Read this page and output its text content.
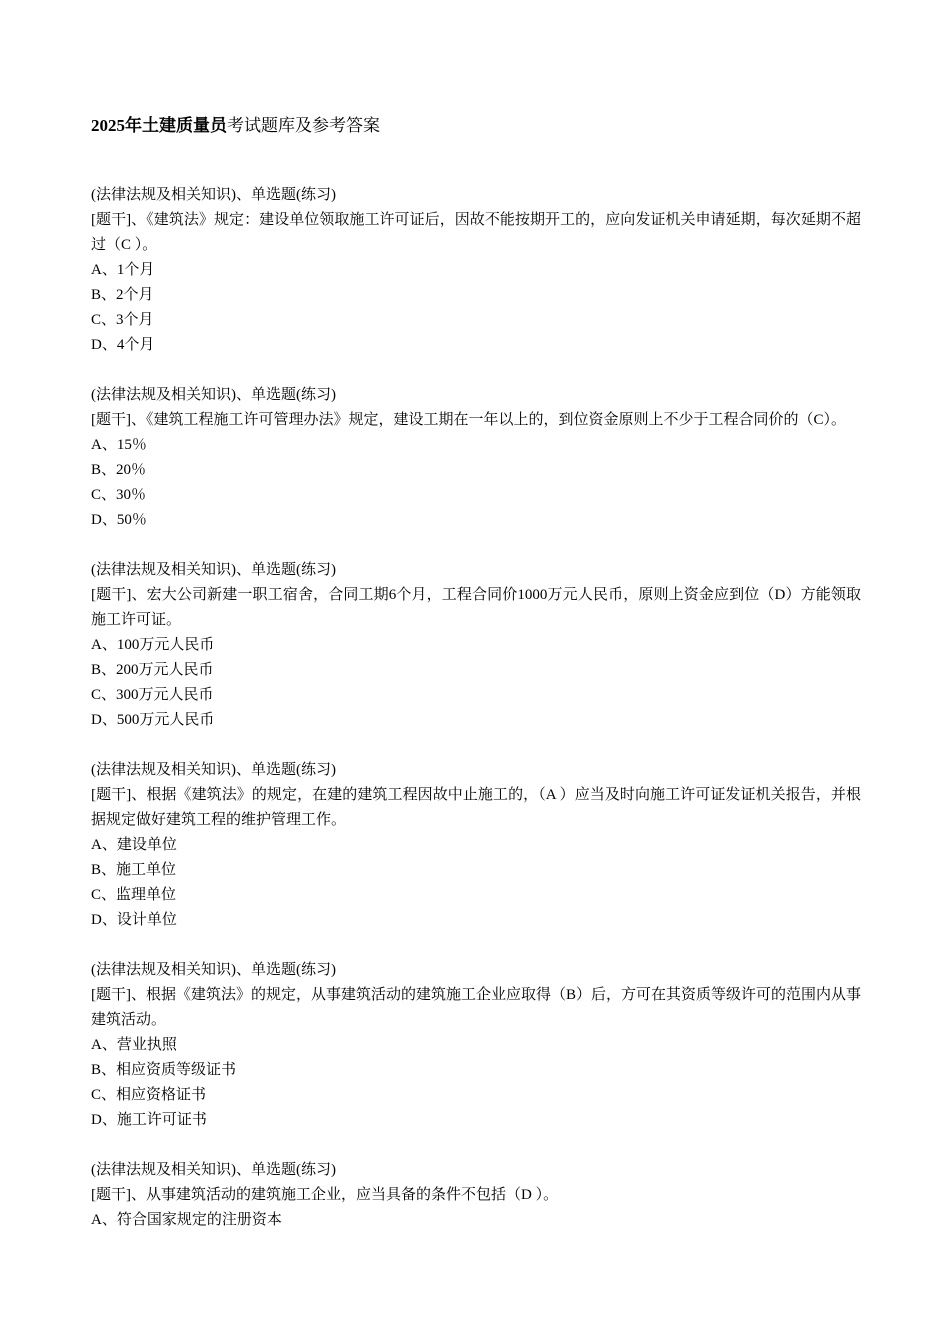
2025年土建质量员考试题库及参考答案
(法律法规及相关知识)、单选题(练习)
[题干]、《建筑法》规定：建设单位领取施工许可证后，因故不能按期开工的，应向发证机关申请延期，每次延期不超过（C ）。
A、1个月
B、2个月
C、3个月
D、4个月
(法律法规及相关知识)、单选题(练习)
[题干]、《建筑工程施工许可管理办法》规定，建设工期在一年以上的，到位资金原则上不少于工程合同价的（C）。
A、15％
B、20％
C、30％
D、50％
(法律法规及相关知识)、单选题(练习)
[题干]、宏大公司新建一职工宿舍，合同工期6个月，工程合同价1000万元人民币，原则上资金应到位（D）方能领取施工许可证。
A、100万元人民币
B、200万元人民币
C、300万元人民币
D、500万元人民币
(法律法规及相关知识)、单选题(练习)
[题干]、根据《建筑法》的规定，在建的建筑工程因故中止施工的，（A ）应当及时向施工许可证发证机关报告，并根据规定做好建筑工程的维护管理工作。
A、建设单位
B、施工单位
C、监理单位
D、设计单位
(法律法规及相关知识)、单选题(练习)
[题干]、根据《建筑法》的规定，从事建筑活动的建筑施工企业应取得（B）后，方可在其资质等级许可的范围内从事建筑活动。
A、营业执照
B、相应资质等级证书
C、相应资格证书
D、施工许可证书
(法律法规及相关知识)、单选题(练习)
[题干]、从事建筑活动的建筑施工企业，应当具备的条件不包括（D ）。
A、符合国家规定的注册资本
